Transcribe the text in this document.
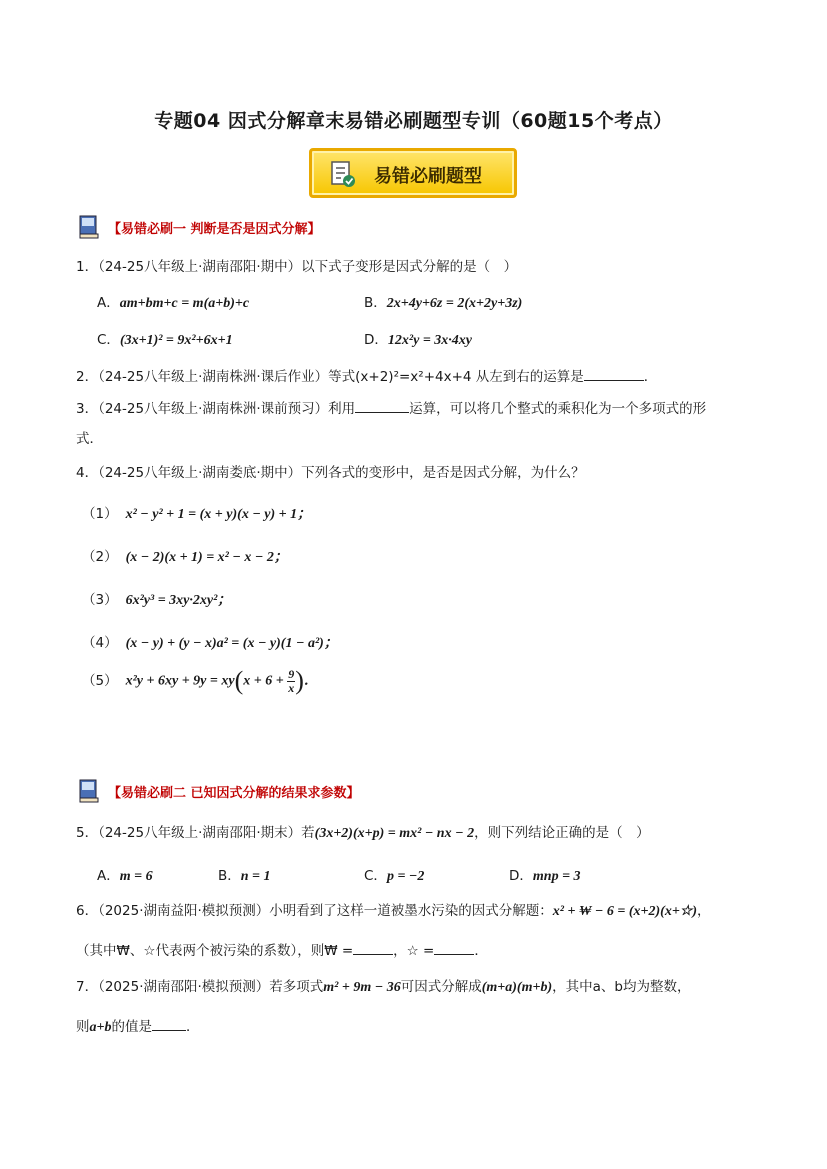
专题04 因式分解章末易错必刷题型专训（60题15个考点）
易错必刷题型
【易错必刷一 判断是否是因式分解】
1．（24-25八年级上·湖南邵阳·期中）以下式子变形是因式分解的是（　）
A．am+bm+c = m(a+b)+c	B．2x+4y+6z = 2(x+2y+3z)
C．(3x+1)² = 9x²+6x+1	D．12x²y = 3x·4xy
2．（24-25八年级上·湖南株洲·课后作业）等式(x+2)²=x²+4x+4 从左到右的运算是	．
3．（24-25八年级上·湖南株洲·课前预习）利用	运算，可以将几个整式的乘积化为一个多项式的形
式．
4．（24-25八年级上·湖南娄底·期中）下列各式的变形中，是否是因式分解，为什么？
（1） x² − y² + 1 = (x + y)(x − y) + 1；
（2） (x − 2)(x + 1) = x² − x − 2；
（3） 6x²y³ = 3xy·2xy²；
（4） (x − y) + (y − x)a² = (x − y)(1 − a²)；
（5） $x^2y + 6xy + 9y = xy(x + 6 + \frac{9}{x}$ )．
【易错必刷二 已知因式分解的结果求参数】
5．（24-25八年级上·湖南邵阳·期末）若(3x+2)(x+p) = mx² − nx − 2，则下列结论正确的是（　）
A．m = 6	B．n = 1	C．p = −2	D．mnp = 3
6．（2025·湖南益阳·模拟预测）小明看到了这样一道被墨水污染的因式分解题：x² + ₩ − 6 = (x+2)(x+☆)，
（其中₩、☆代表两个被污染的系数），则₩ =	，☆ =	．
7．（2025·湖南邵阳·模拟预测）若多项式m² + 9m − 36可因式分解成(m+a)(m+b)，其中a、b均为整数，
则a+b的值是	．
